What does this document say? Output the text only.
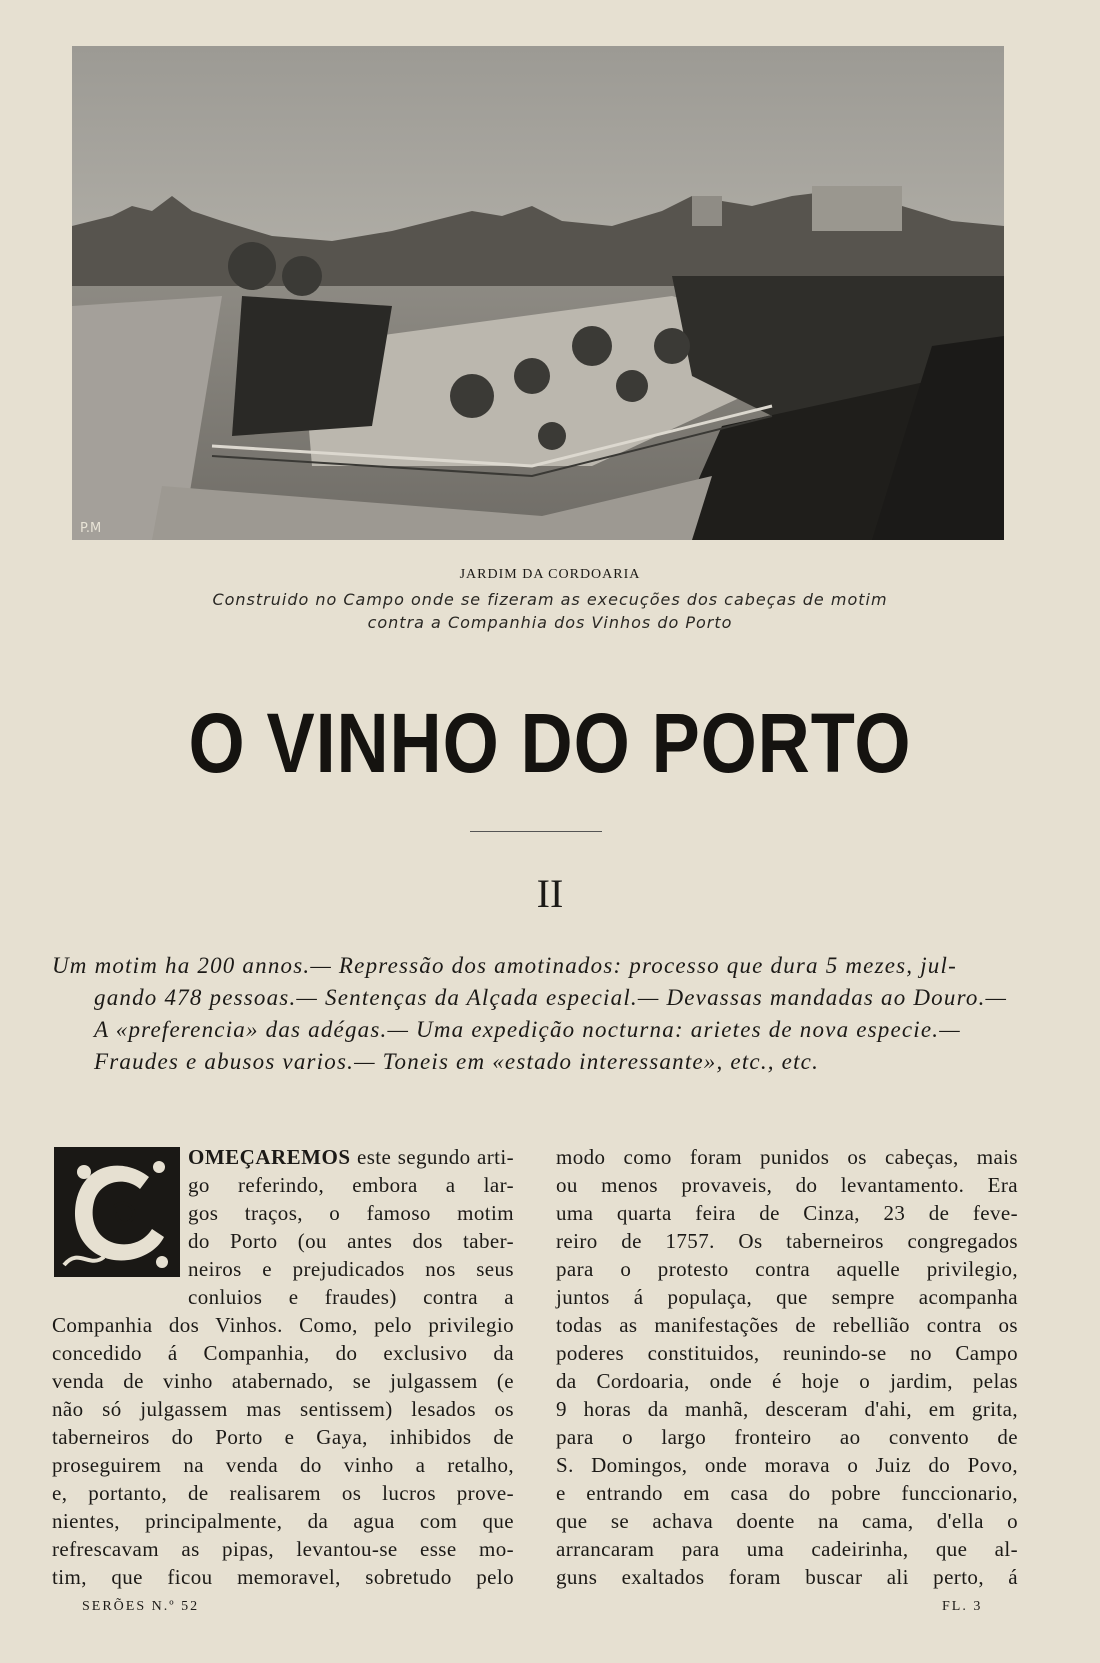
P.M
JARDIM DA CORDOARIA
Construido no Campo onde se fizeram as execuções dos cabeças de motim
contra a Companhia dos Vinhos do Porto
O VINHO DO PORTO
II
Um motim ha 200 annos.— Repressão dos amotinados: processo que dura 5 mezes, jul-
gando 478 pessoas.— Sentenças da Alçada especial.— Devassas mandadas ao Douro.—
A «preferencia» das adégas.— Uma expedição nocturna: arietes de nova especie.—
Fraudes e abusos varios.— Toneis em «estado interessante», etc., etc.
OMEÇAREMOS este segundo arti-
go referindo, embora a lar-
gos traços, o famoso motim
do Porto (ou antes dos taber-
neiros e prejudicados nos seus
conluios e fraudes) contra a
Companhia dos Vinhos. Como, pelo privilegio
concedido á Companhia, do exclusivo da
venda de vinho atabernado, se julgassem (e
não só julgassem mas sentissem) lesados os
taberneiros do Porto e Gaya, inhibidos de
proseguirem na venda do vinho a retalho,
e, portanto, de realisarem os lucros prove-
nientes, principalmente, da agua com que
refrescavam as pipas, levantou-se esse mo-
tim, que ficou memoravel, sobretudo pelo
modo como foram punidos os cabeças, mais
ou menos provaveis, do levantamento. Era
uma quarta feira de Cinza, 23 de feve-
reiro de 1757. Os taberneiros congregados
para o protesto contra aquelle privilegio,
juntos á populaça, que sempre acompanha
todas as manifestações de rebellião contra os
poderes constituidos, reunindo-se no Campo
da Cordoaria, onde é hoje o jardim, pelas
9 horas da manhã, desceram d'ahi, em grita,
para o largo fronteiro ao convento de
S. Domingos, onde morava o Juiz do Povo,
e entrando em casa do pobre funccionario,
que se achava doente na cama, d'ella o
arrancaram para uma cadeirinha, que al-
guns exaltados foram buscar ali perto, á
SERÕES N.º 52	FL. 3
